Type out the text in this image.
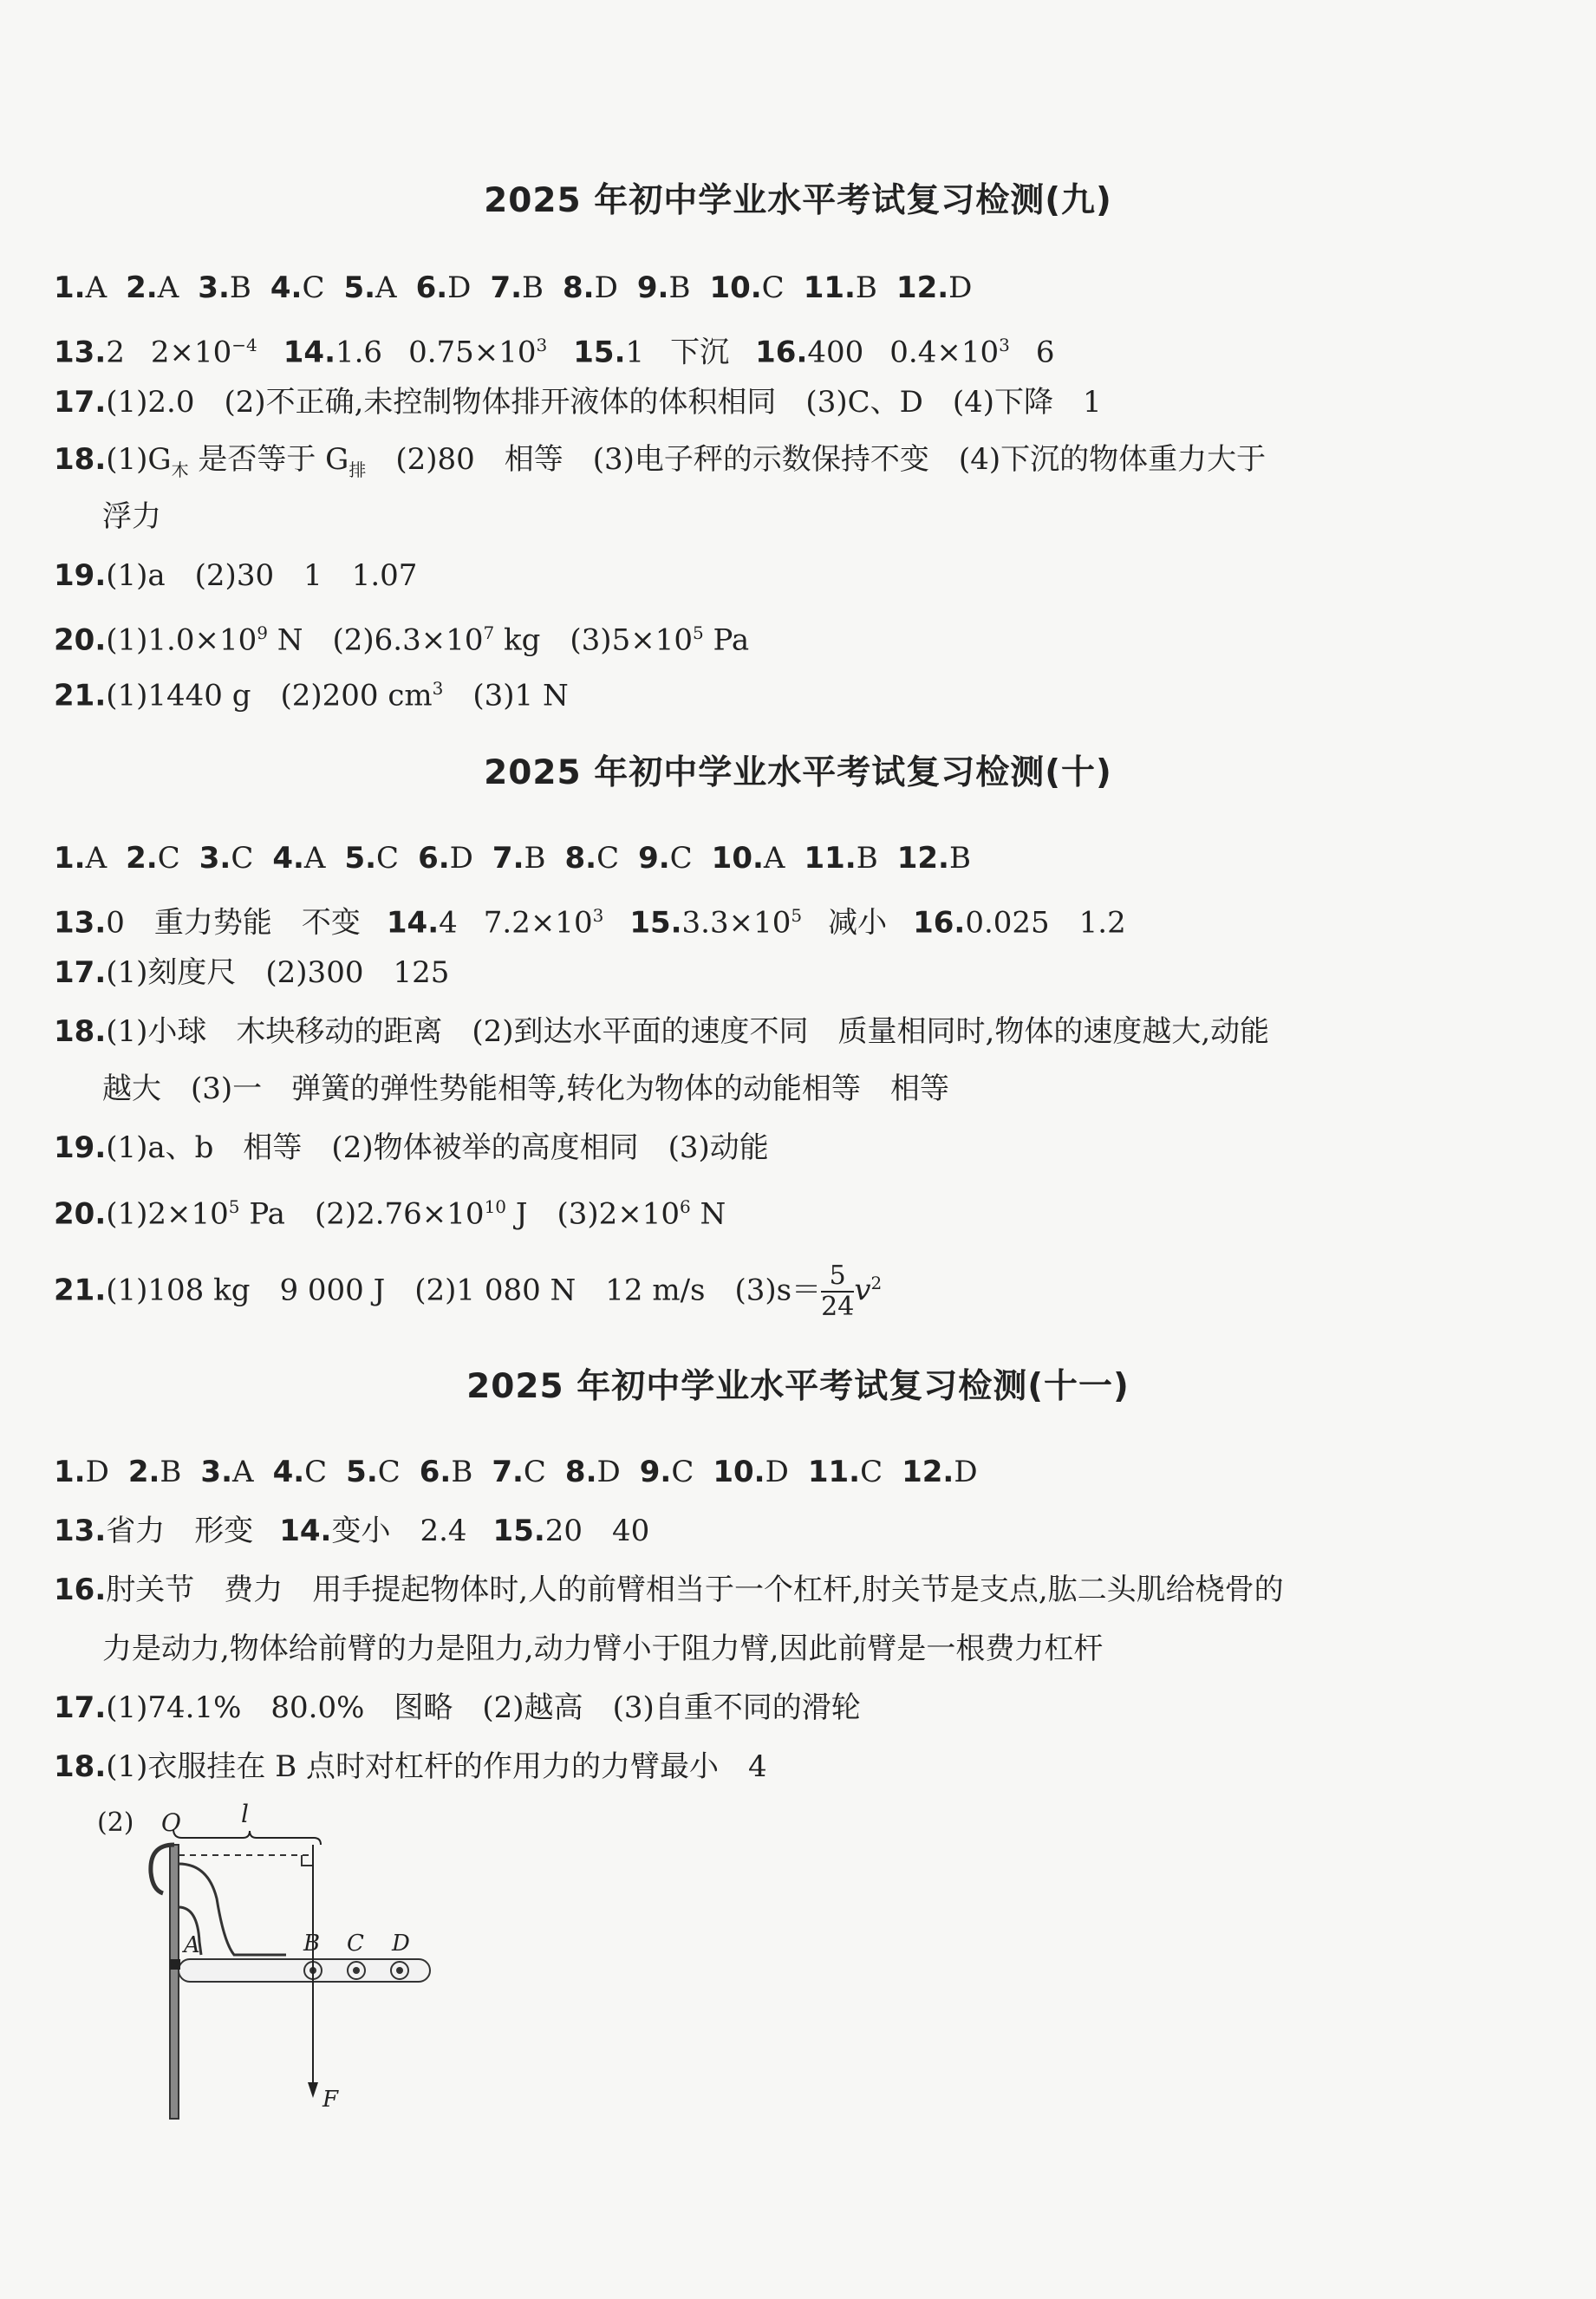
2025 年初中学业水平考试复习检测(九)
1.A 2.A 3.B 4.C 5.A 6.D 7.B 8.D 9.B 10.C 11.B 12.D
13.2 $2\times 10^{-4}$ 14.1.6 $0.75\times 10^3$ 15.1 下沉 16.400 $0.4\times 10^3$ 6
17.(1)2.0　(2)不正确,未控制物体排开液体的体积相同　(3)C、D　(4)下降　1
$18.(1)G_木$ 是否等于 $G_排$　(2)80　相等　(3)电子秤的示数保持不变　(4)下沉的物体重力大于
浮力
19.(1)a　(2)30　1　1.07
$20.(1)1.0\times 10^9$ N　$(2)6.3\times 10^7$ kg　$(3)5\times 10^5$ Pa
21.(1)1440 g　(2)200 $cm^3$　(3)1 N
2025 年初中学业水平考试复习检测(十)
1.A 2.C 3.C 4.A 5.C 6.D 7.B 8.C 9.C 10.A 11.B 12.B
13.0　重力势能　不变 14.4 $7.2\times 10^3$ $15.3.3\times 10^5$ 减小 16.0.025　1.2
17.(1)刻度尺　(2)300　125
18.(1)小球　木块移动的距离　(2)到达水平面的速度不同　质量相同时,物体的速度越大,动能
越大　(3)一　弹簧的弹性势能相等,转化为物体的动能相等　相等
19.(1)a、b　相等　(2)物体被举的高度相同　(3)动能
$20.(1)2\times 10^5$ Pa　$(2)2.76\times 10^{10}$ J　$(3)2\times 10^6$ N
21.(1)108 kg　9 000 J　(2)1 080 N　12 m/s　$(3)s= \frac{5}{24} v^2$
2025 年初中学业水平考试复习检测(十一)
1.D 2.B 3.A 4.C 5.C 6.B 7.C 8.D 9.C 10.D 11.C 12.D
13.省力　形变 14.变小　2.4 15.20　40
16.肘关节　费力　用手提起物体时,人的前臂相当于一个杠杆,肘关节是支点,肱二头肌给桡骨的
力是动力,物体给前臂的力是阻力,动力臂小于阻力臂,因此前臂是一根费力杠杆
17.(1)74.1%　80.0%　图略　(2)越高　(3)自重不同的滑轮
18.(1)衣服挂在 B 点时对杠杆的作用力的力臂最小　4
(2) O l
A	B C D
F
